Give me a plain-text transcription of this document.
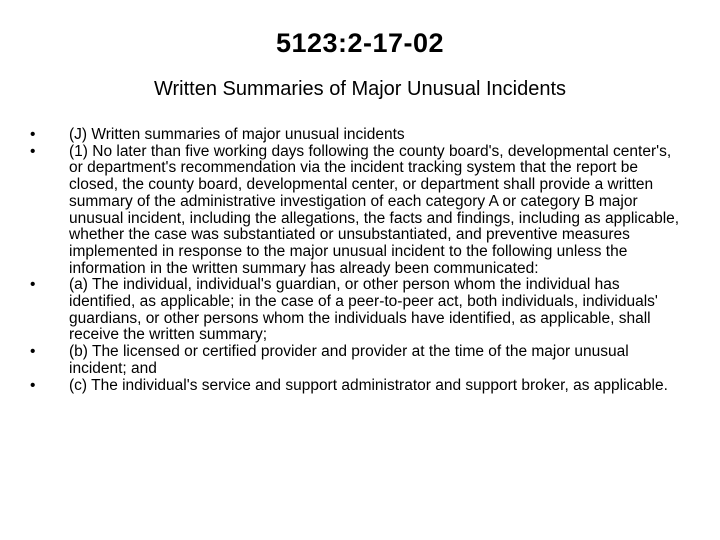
5123:2-17-02
Written Summaries of Major Unusual Incidents
• (J) Written summaries of major unusual incidents
• (1) No later than five working days following the county board's, developmental center's, or department's recommendation via the incident tracking system that the report be closed, the county board, developmental center, or department shall provide a written summary of the administrative investigation of each category A or category B major unusual incident, including the allegations, the facts and findings, including as applicable, whether the case was substantiated or unsubstantiated, and preventive measures implemented in response to the major unusual incident to the following unless the information in the written summary has already been communicated:
• (a) The individual, individual's guardian, or other person whom the individual has identified, as applicable; in the case of a peer-to-peer act, both individuals, individuals' guardians, or other persons whom the individuals have identified, as applicable, shall receive the written summary;
• (b) The licensed or certified provider and provider at the time of the major unusual incident; and
• (c) The individual's service and support administrator and support broker, as applicable.
